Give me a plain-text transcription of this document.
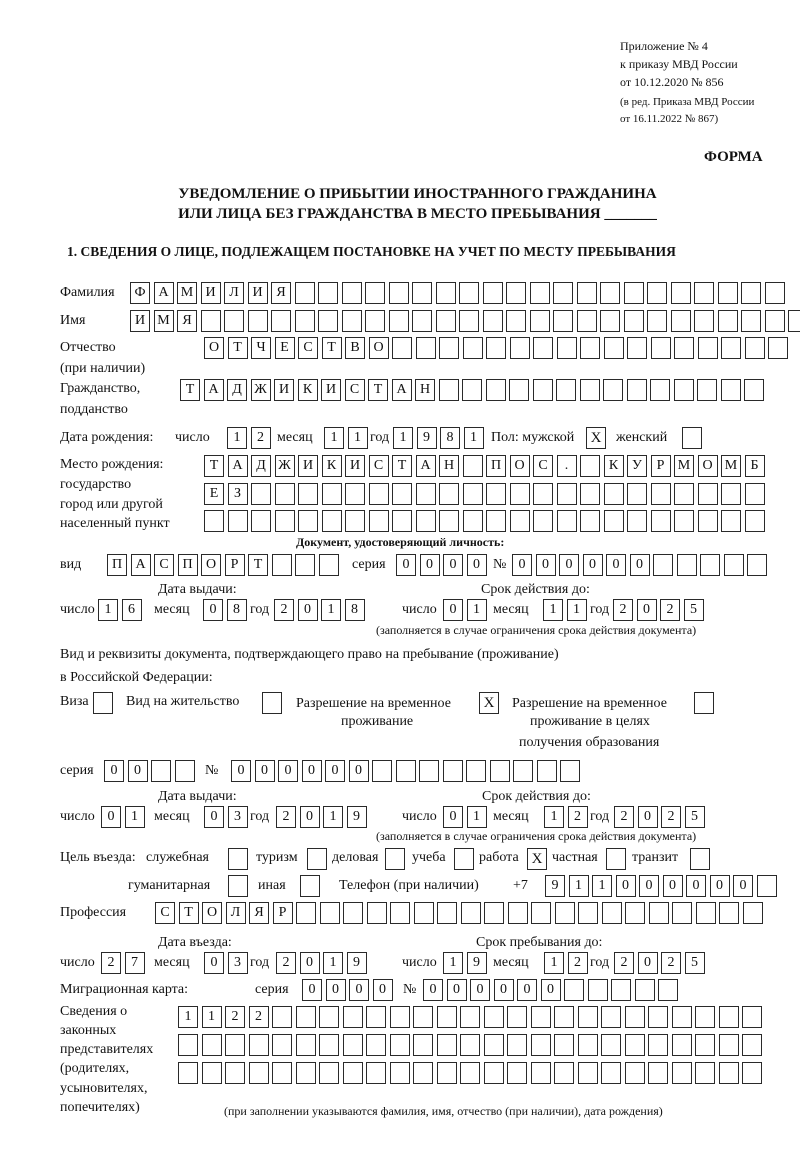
Приложение № 4
к приказу МВД России
от 10.12.2020 № 856
(в ред. Приказа МВД России
от 16.11.2022 № 867)
ФОРМА
УВЕДОМЛЕНИЕ О ПРИБЫТИИ ИНОСТРАННОГО ГРАЖДАНИНА
ИЛИ ЛИЦА БЕЗ ГРАЖДАНСТВА В МЕСТО ПРЕБЫВАНИЯ _______
1. СВЕДЕНИЯ О ЛИЦЕ, ПОДЛЕЖАЩЕМ ПОСТАНОВКЕ НА УЧЕТ ПО МЕСТУ ПРЕБЫВАНИЯ
Фамилия	Ф А М И Л И Я
Имя	И М Я
Отчество
(при наличии)
О	Т	Ч	Е	С	Т	В О
Гражданство,
подданство
Т	А Д Ж И К И С	Т	А Н
Дата рождения: число	1	2 месяц	1	1 год 1	9	8	1	Пол: мужской	X	женский
Место рождения:
государство
город или другой
населенный пункт
Т	А Д Ж И К И С	Т	А Н	П О С	.	К У	Р М О М Б
Е	З
Документ, удостоверяющий личность:
вид	П А С П О	Р	Т	серия	0	0	0	0 № 0	0	0	0	0	0
Дата выдачи:	Срок действия до:
число 1	6	месяц	0	8 год 2	0	1	8	число 0	1 месяц	1	1 год 2	0	2	5
(заполняется в случае ограничения срока действия документа)
Вид и реквизиты документа, подтверждающего право на пребывание (проживание)
в Российской Федерации:
Виза	Вид на жительство	Разрешение на временное
проживание
X	Разрешение на временное
проживание в целях
получения образования
серия	0	0	№	0	0	0	0	0	0
Дата выдачи:	Срок действия до:
число 0	1	месяц	0	3 год 2	0	1	9	число 0	1 месяц	1	2 год 2	0	2	5
(заполняется в случае ограничения срока действия документа)
Цель въезда: служебная	туризм деловая учеба работа X частная транзит
гуманитарная	иная	Телефон (при наличии) +7	9	1	1	0	0	0	0	0	0
Профессия	С	Т	О Л	Я	Р
Дата въезда:	Срок пребывания до:
число 2	7	месяц	0	3 год 2	0	1	9	число 1	9 месяц	1	2 год 2	0	2	5
Миграционная карта:	серия	0	0	0	0	№ 0	0	0	0	0	0
Сведения о
законных
представителях
(родителях,
усыновителях,
попечителях)
1	1	2	2
(при заполнении указываются фамилия, имя, отчество (при наличии), дата рождения)
